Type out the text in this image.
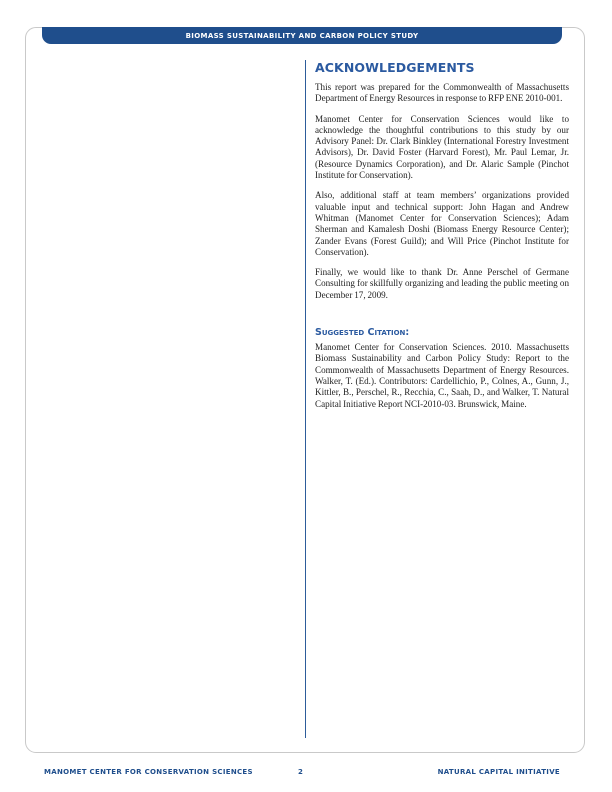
BIOMASS SUSTAINABILITY AND CARBON POLICY STUDY
ACKNOWLEDGEMENTS

This report was prepared for the Commonwealth of Massachusetts Department of Energy Resources in response to RFP ENE 2010-001.

Manomet Center for Conservation Sciences would like to acknowledge the thoughtful contributions to this study by our Advisory Panel: Dr. Clark Binkley (International Forestry Investment Advisors), Dr. David Foster (Harvard Forest), Mr. Paul Lemar, Jr. (Resource Dynamics Corporation), and Dr. Alaric Sample (Pinchot Institute for Conservation).

Also, additional staff at team members’ organizations provided valuable input and technical support: John Hagan and Andrew Whitman (Manomet Center for Conservation Sciences); Adam Sherman and Kamalesh Doshi (Biomass Energy Resource Center); Zander Evans (Forest Guild); and Will Price (Pinchot Institute for Conservation).

Finally, we would like to thank Dr. Anne Perschel of Germane Consulting for skillfully organizing and leading the public meeting on December 17, 2009.

Suggested Citation:

Manomet Center for Conservation Sciences. 2010. Massachusetts Biomass Sustainability and Carbon Policy Study: Report to the Commonwealth of Massachusetts Department of Energy Resources. Walker, T. (Ed.). Contributors: Cardellichio, P., Colnes, A., Gunn, J., Kittler, B., Perschel, R., Recchia, C., Saah, D., and Walker, T. Natural Capital Initiative Report NCI-2010-03. Brunswick, Maine.

MANOMET CENTER FOR CONSERVATION SCIENCES	2	NATURAL CAPITAL INITIATIVE
